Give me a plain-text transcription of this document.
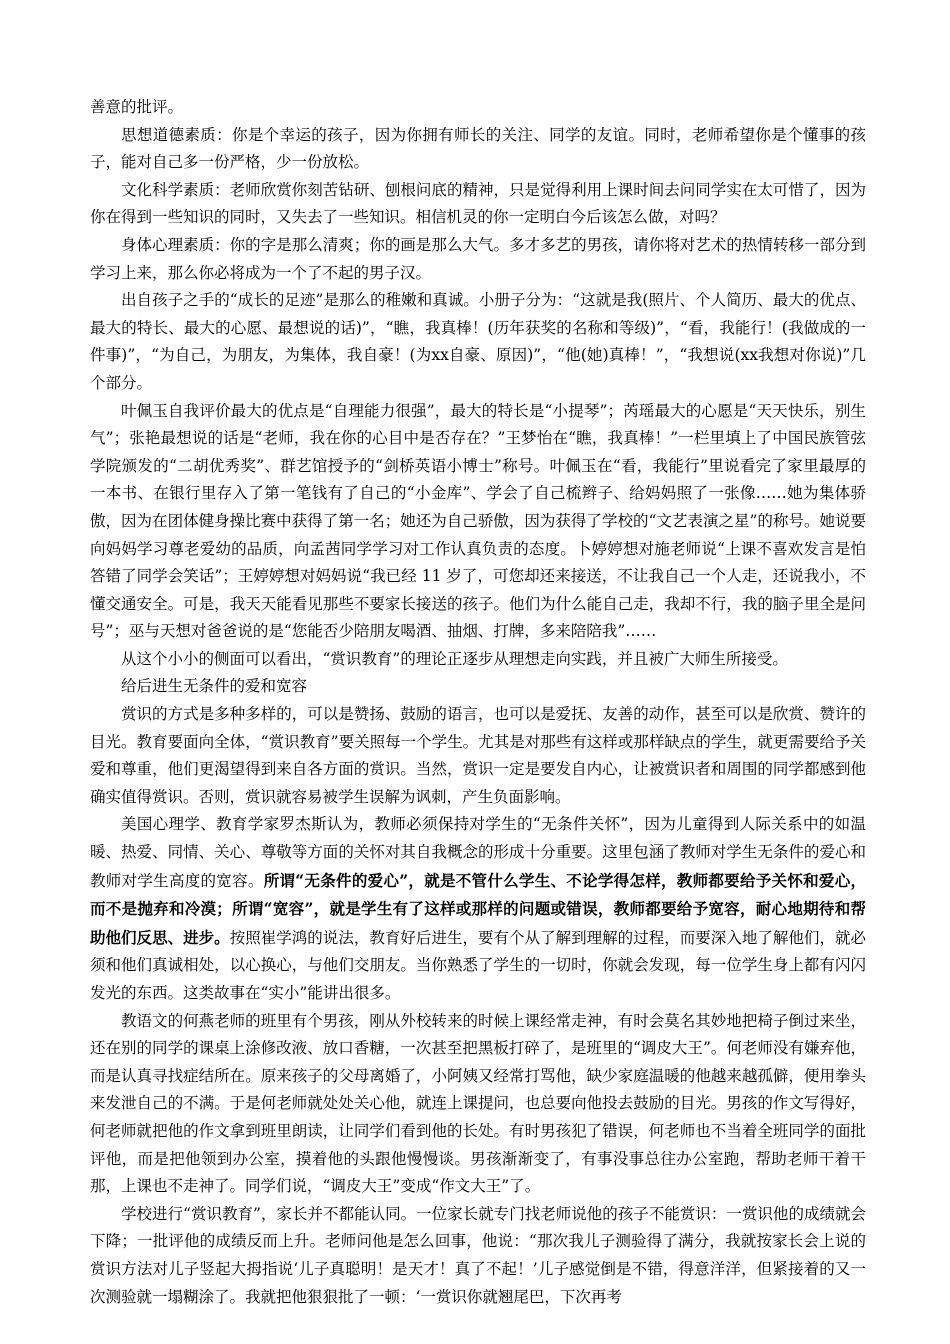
善意的批评。

思想道德素质：你是个幸运的孩子，因为你拥有师长的关注、同学的友谊。同时，老师希望你是个懂事的孩子，能对自己多一份严格，少一份放松。

文化科学素质：老师欣赏你刻苦钻研、刨根问底的精神，只是觉得利用上课时间去问同学实在太可惜了，因为你在得到一些知识的同时，又失去了一些知识。相信机灵的你一定明白今后该怎么做，对吗？

身体心理素质：你的字是那么清爽；你的画是那么大气。多才多艺的男孩，请你将对艺术的热情转移一部分到学习上来，那么你必将成为一个了不起的男子汉。

出自孩子之手的“成长的足迹”是那么的稚嫩和真诚。小册子分为：“这就是我(照片、个人简历、最大的优点、最大的特长、最大的心愿、最想说的话)”，“瞧，我真棒！(历年获奖的名称和等级)”，“看，我能行！(我做成的一件事)”，“为自己，为朋友，为集体，我自豪！(为xx自豪、原因)”，“他(她)真棒！”，“我想说(xx我想对你说)”几个部分。

叶佩玉自我评价最大的优点是“自理能力很强”，最大的特长是“小提琴”；芮瑶最大的心愿是“天天快乐，别生气”；张艳最想说的话是“老师，我在你的心目中是否存在？”王梦怡在“瞧，我真棒！”一栏里填上了中国民族管弦学院颁发的“二胡优秀奖”、群艺馆授予的“剑桥英语小博士”称号。叶佩玉在“看，我能行”里说看完了家里最厚的一本书、在银行里存入了第一笔钱有了自己的“小金库”、学会了自己梳辫子、给妈妈照了一张像……她为集体骄傲，因为在团体健身操比赛中获得了第一名；她还为自己骄傲，因为获得了学校的“文艺表演之星”的称号。她说要向妈妈学习尊老爱幼的品质，向孟茜同学学习对工作认真负责的态度。卜婷婷想对施老师说“上课不喜欢发言是怕答错了同学会笑话”；王婷婷想对妈妈说“我已经 11 岁了，可您却还来接送，不让我自己一个人走，还说我小，不懂交通安全。可是，我天天能看见那些不要家长接送的孩子。他们为什么能自己走，我却不行，我的脑子里全是问号”；巫与天想对爸爸说的是“您能否少陪朋友喝酒、抽烟、打牌，多来陪陪我”……

从这个小小的侧面可以看出，“赏识教育”的理论正逐步从理想走向实践，并且被广大师生所接受。

给后进生无条件的爱和宽容

赏识的方式是多种多样的，可以是赞扬、鼓励的语言，也可以是爱抚、友善的动作，甚至可以是欣赏、赞许的目光。教育要面向全体，“赏识教育”要关照每一个学生。尤其是对那些有这样或那样缺点的学生，就更需要给予关爱和尊重，他们更渴望得到来自各方面的赏识。当然，赏识一定是要发自内心，让被赏识者和周围的同学都感到他确实值得赏识。否则，赏识就容易被学生误解为讽刺，产生负面影响。

美国心理学、教育学家罗杰斯认为，教师必须保持对学生的“无条件关怀”，因为儿童得到人际关系中的如温暖、热爱、同情、关心、尊敬等方面的关怀对其自我概念的形成十分重要。这里包涵了教师对学生无条件的爱心和教师对学生高度的宽容。所谓“无条件的爱心”，就是不管什么学生、不论学得怎样，教师都要给予关怀和爱心，而不是抛弃和冷漠；所谓“宽容”，就是学生有了这样或那样的问题或错误，教师都要给予宽容，耐心地期待和帮助他们反思、进步。按照崔学鸿的说法，教育好后进生，要有个从了解到理解的过程，而要深入地了解他们，就必须和他们真诚相处，以心换心，与他们交朋友。当你熟悉了学生的一切时，你就会发现，每一位学生身上都有闪闪发光的东西。这类故事在“实小”能讲出很多。

教语文的何燕老师的班里有个男孩，刚从外校转来的时候上课经常走神，有时会莫名其妙地把椅子倒过来坐，还在别的同学的课桌上涂修改液、放口香糖，一次甚至把黑板打碎了，是班里的“调皮大王”。何老师没有嫌弃他，而是认真寻找症结所在。原来孩子的父母离婚了，小阿姨又经常打骂他，缺少家庭温暖的他越来越孤僻，便用拳头来发泄自己的不满。于是何老师就处处关心他，就连上课提问，也总要向他投去鼓励的目光。男孩的作文写得好，何老师就把他的作文拿到班里朗读，让同学们看到他的长处。有时男孩犯了错误，何老师也不当着全班同学的面批评他，而是把他领到办公室，摸着他的头跟他慢慢谈。男孩渐渐变了，有事没事总往办公室跑，帮助老师干着干那，上课也不走神了。同学们说，“调皮大王”变成“作文大王”了。

学校进行“赏识教育”，家长并不都能认同。一位家长就专门找老师说他的孩子不能赏识：一赏识他的成绩就会下降；一批评他的成绩反而上升。老师问他是怎么回事，他说：“那次我儿子测验得了满分，我就按家长会上说的赏识方法对儿子竖起大拇指说‘儿子真聪明！是天才！真了不起！’儿子感觉倒是不错，得意洋洋，但紧接着的又一次测验就一塌糊涂了。我就把他狠狠批了一顿：‘一赏识你就翘尾巴，下次再考
